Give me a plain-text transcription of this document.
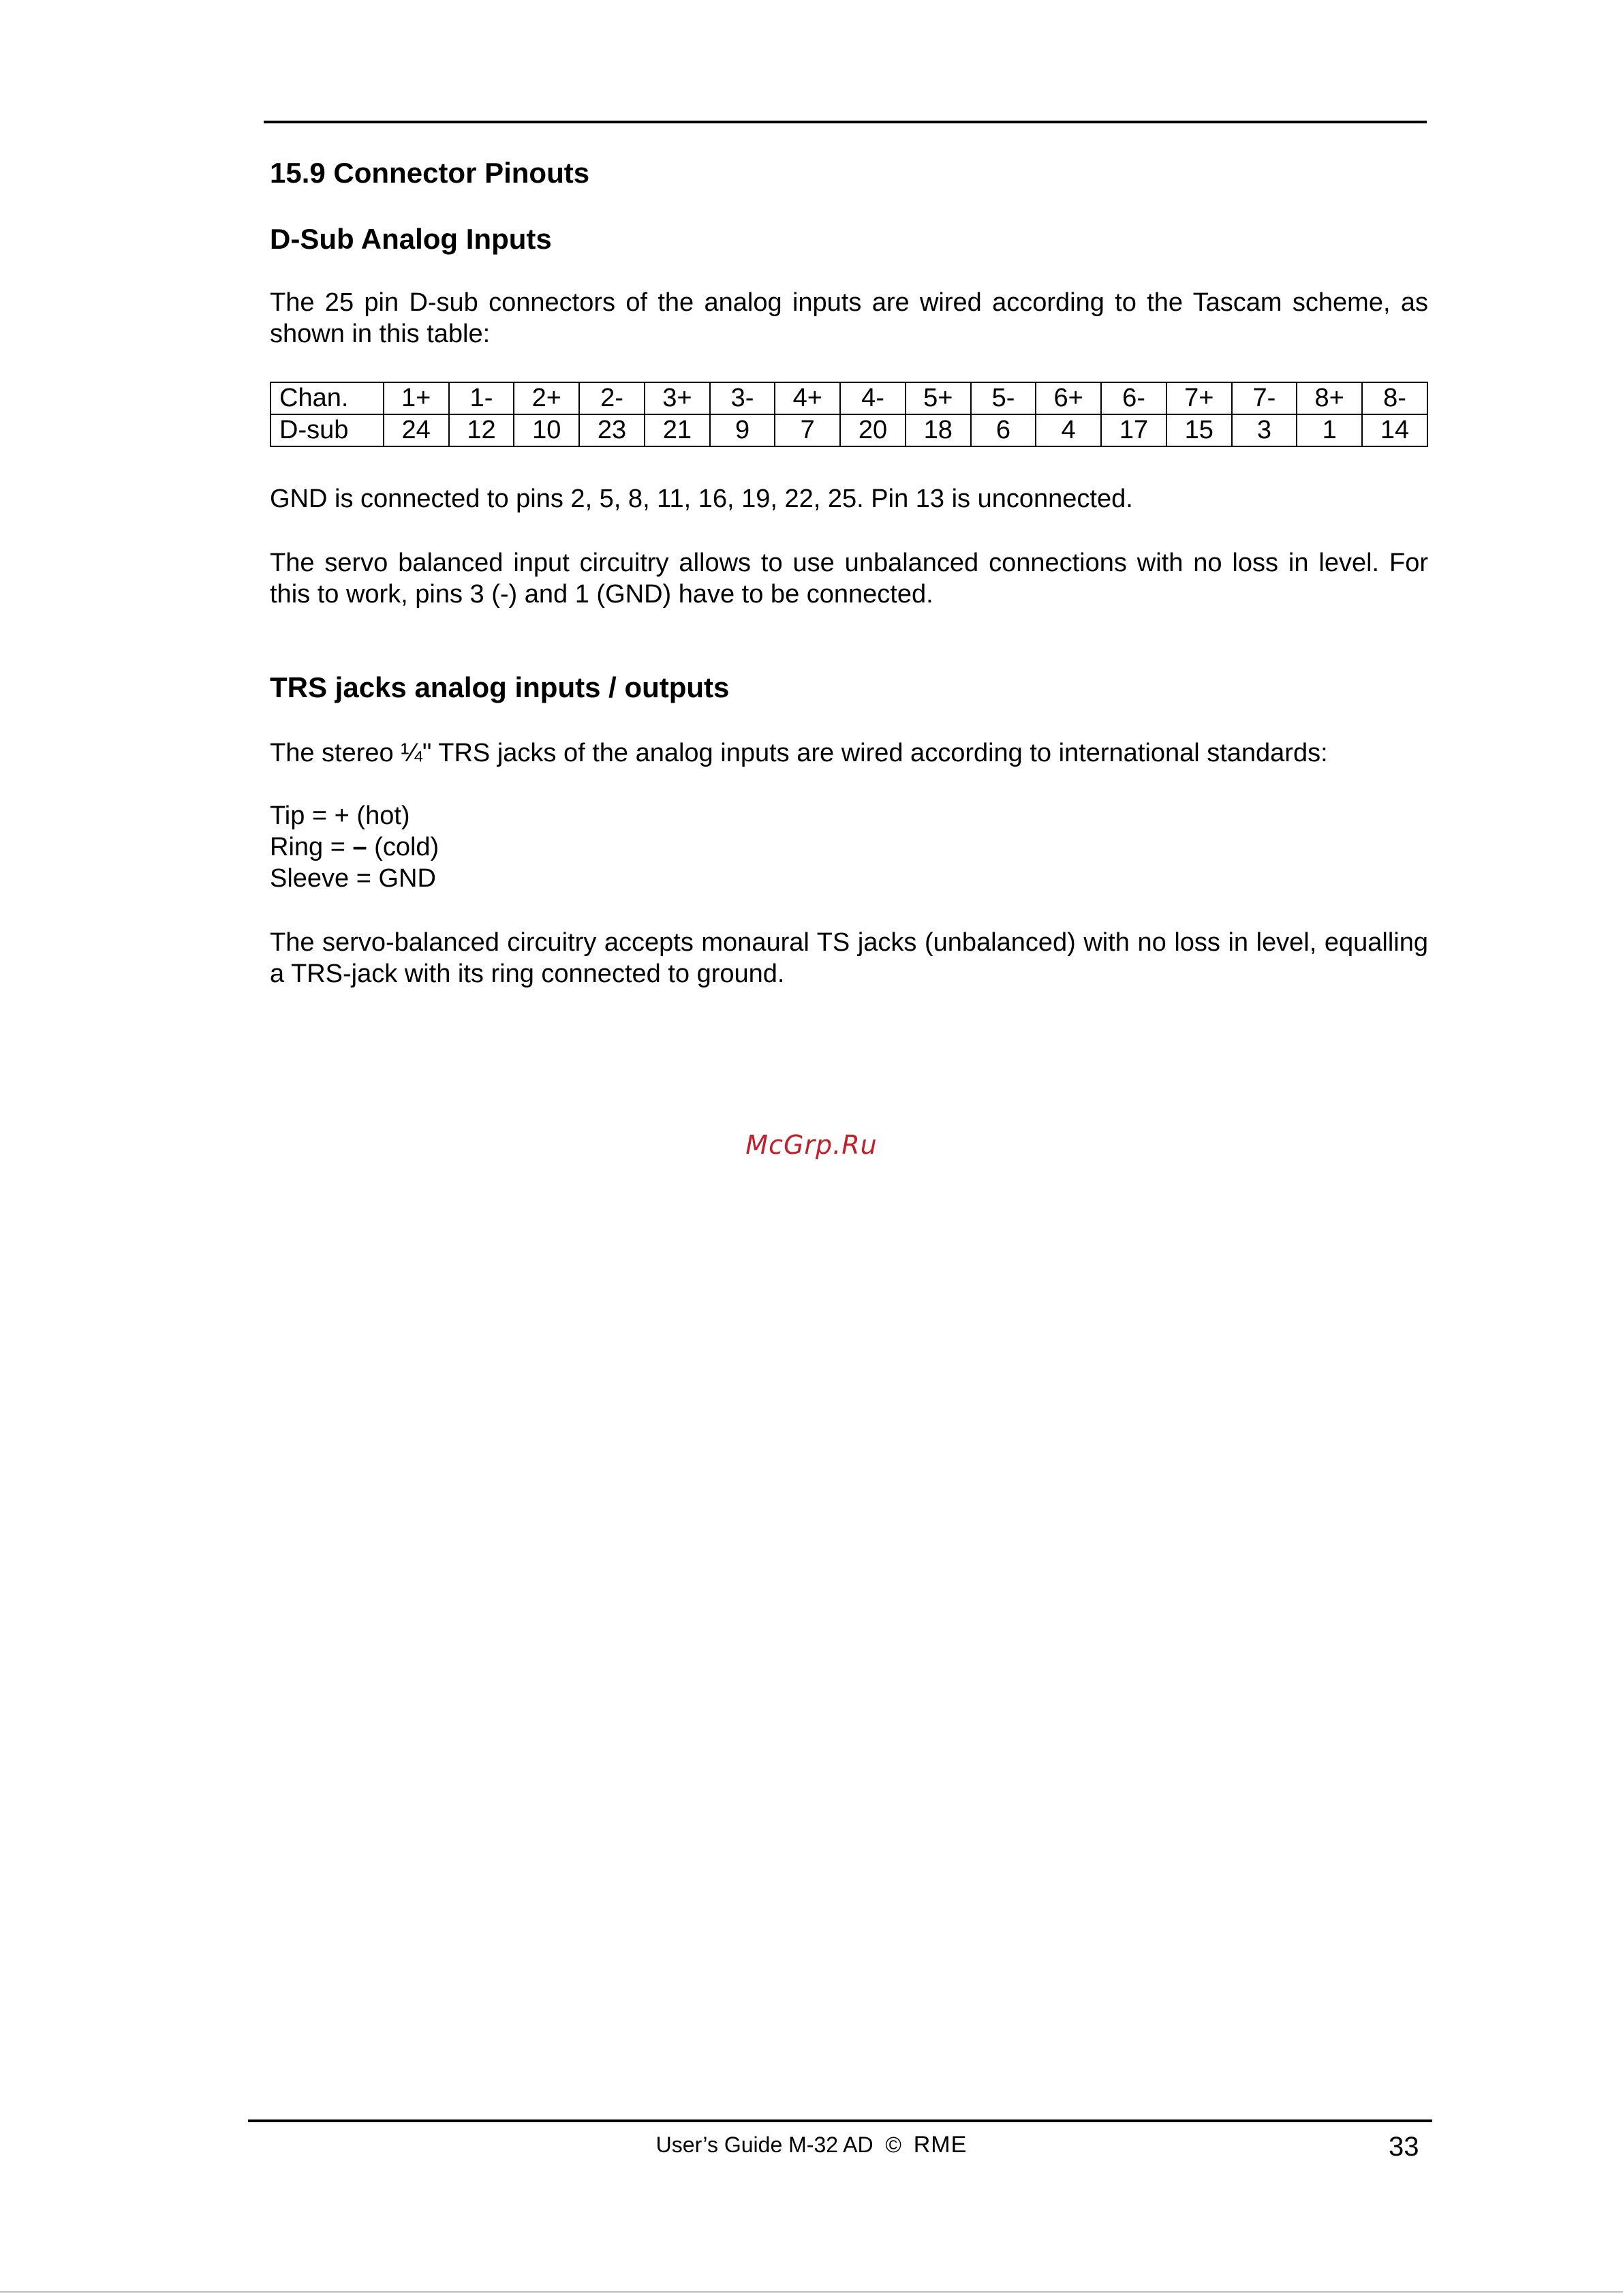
15.9 Connector Pinouts
D-Sub Analog Inputs

The 25 pin D-sub connectors of the analog inputs are wired according to the Tascam scheme, as shown in this table:

Chan.	1+	1-	2+	2-	3+	3-	4+	4-	5+	5-	6+	6-	7+	7-	8+	8-
D-sub	24	12	10	23	21	9	7	20	18	6	4	17	15	3	1	14

GND is connected to pins 2, 5, 8, 11, 16, 19, 22, 25. Pin 13 is unconnected.

The servo balanced input circuitry allows to use unbalanced connections with no loss in level. For this to work, pins 3 (-) and 1 (GND) have to be connected.

TRS jacks analog inputs / outputs

The stereo ¼" TRS jacks of the analog inputs are wired according to international standards:

Tip = + (hot)
Ring = – (cold)
Sleeve = GND

The servo-balanced circuitry accepts monaural TS jacks (unbalanced) with no loss in level, equalling a TRS-jack with its ring connected to ground.

McGrp.Ru
User’s Guide M-32 AD © RME	33
